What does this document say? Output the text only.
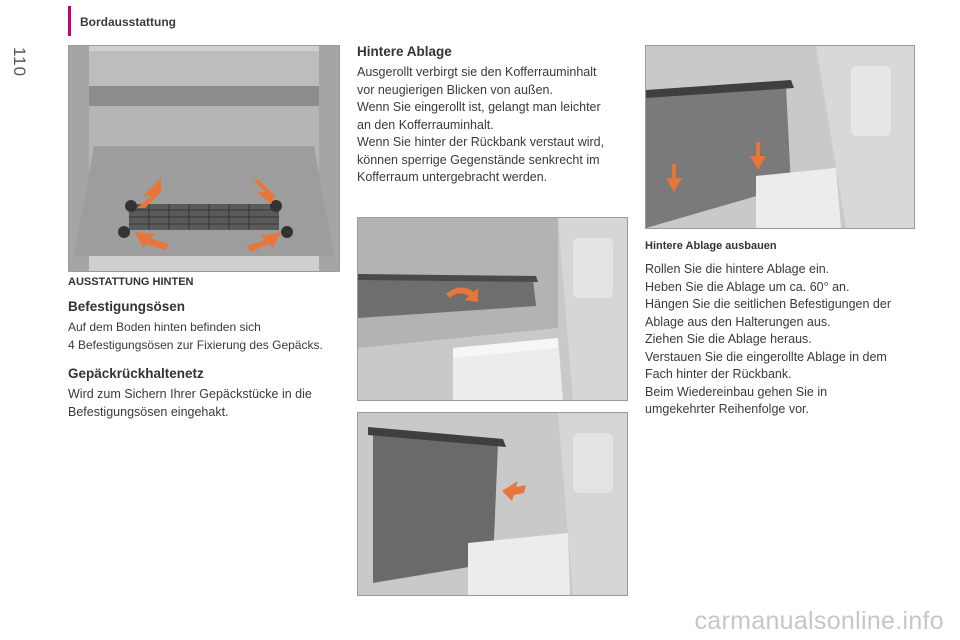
Bordausstattung
110
AUSSTATTUNG HINTEN
Befestigungsösen
Auf dem Boden hinten befinden sich
4 Befestigungsösen zur Fixierung des Gepäcks.
Gepäckrückhaltenetz
Wird zum Sichern Ihrer Gepäckstücke in die
Befestigungsösen eingehakt.
Hintere Ablage
Ausgerollt verbirgt sie den Kofferrauminhalt
vor neugierigen Blicken von außen.
Wenn Sie eingerollt ist, gelangt man leichter
an den Kofferrauminhalt.
Wenn Sie hinter der Rückbank verstaut wird,
können sperrige Gegenstände senkrecht im
Kofferraum untergebracht werden.
Hintere Ablage ausbauen
Rollen Sie die hintere Ablage ein.
Heben Sie die Ablage um ca. 60° an.
Hängen Sie die seitlichen Befestigungen der
Ablage aus den Halterungen aus.
Ziehen Sie die Ablage heraus.
Verstauen Sie die eingerollte Ablage in dem
Fach hinter der Rückbank.
Beim Wiedereinbau gehen Sie in
umgekehrter Reihenfolge vor.
carmanualsonline.info
